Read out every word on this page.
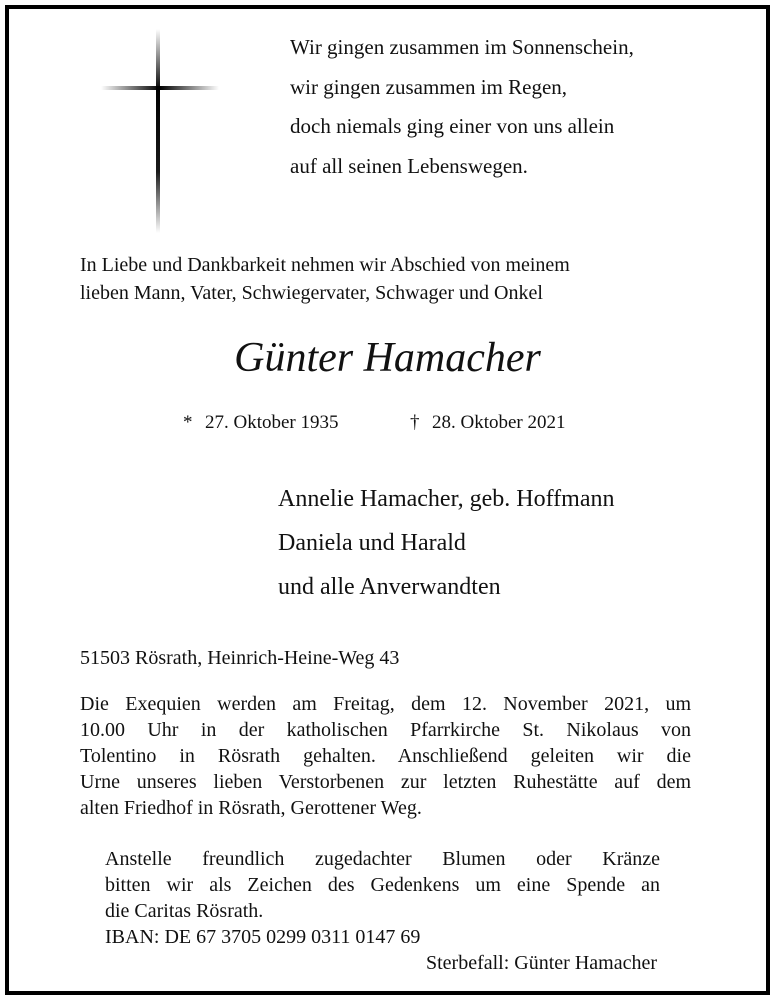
Wir gingen zusammen im Sonnenschein,
wir gingen zusammen im Regen,
doch niemals ging einer von uns allein
auf all seinen Lebenswegen.
In Liebe und Dankbarkeit nehmen wir Abschied von meinem
lieben Mann, Vater, Schwiegervater, Schwager und Onkel
Günter Hamacher
* 27. Oktober 1935	† 28. Oktober 2021
Annelie Hamacher, geb. Hoffmann
Daniela und Harald
und alle Anverwandten
51503 Rösrath, Heinrich-Heine-Weg 43
Die Exequien werden am Freitag, dem 12. November 2021, um
10.00 Uhr in der katholischen Pfarrkirche St. Nikolaus von
Tolentino in Rösrath gehalten. Anschließend geleiten wir die
Urne unseres lieben Verstorbenen zur letzten Ruhestätte auf dem
alten Friedhof in Rösrath, Gerottener Weg.
Anstelle freundlich zugedachter Blumen oder Kränze
bitten wir als Zeichen des Gedenkens um eine Spende an
die Caritas Rösrath.
IBAN: DE 67 3705 0299 0311 0147 69
Sterbefall: Günter Hamacher
